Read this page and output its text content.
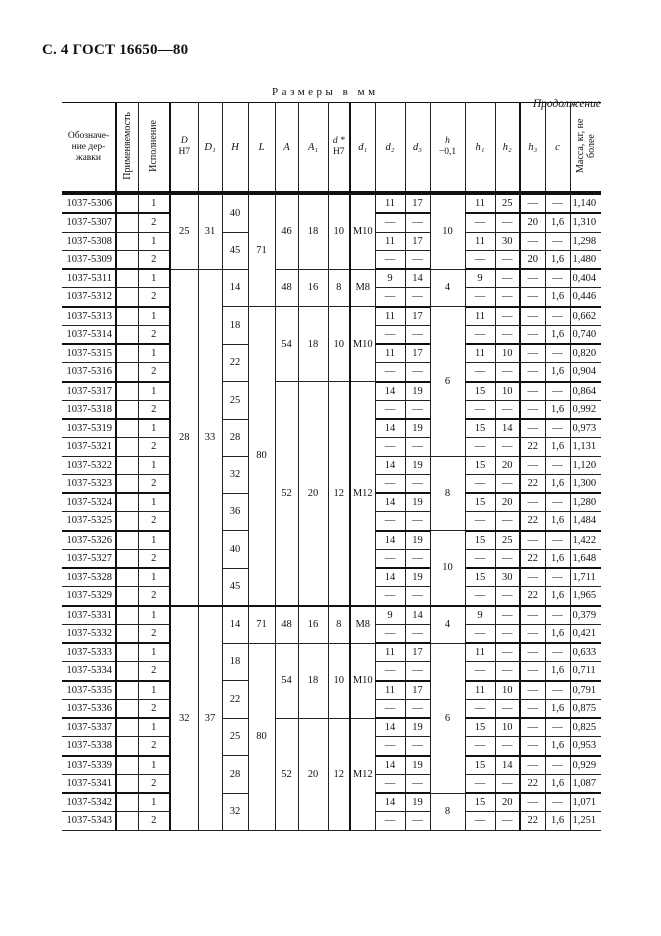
С. 4 ГОСТ 16650—80
Размеры в мм
Продолжение
Обозначе-ние дер-жавки	Применяемость	Исполнение	D
H7	D₁	H	L	A	A₁	
d *
H7	d₁	d₂	d₃	
h
−0,1	h₁	h₂	h₃	c	Масса, кг, не более
1037-5306		1	25	31	40	71	46	18	10	M10	11	17	10	11	25	—	—	1,140
1037-5307		2									—	—		—	—	20	1,6	1,310
1037-5308		1			45						11	17		11	30	—	—	1,298
1037-5309		2									—	—		—	—	20	1,6	1,480
1037-5311		1	28	33	14		48	16	8	M8	9	14	4	9	—	—	—	0,404
1037-5312		2									—	—		—	—	—	1,6	0,446
1037-5313		1			18	80	54	18	10	M10	11	17	6	11	—	—	—	0,662
1037-5314		2									—	—		—	—	—	1,6	0,740
1037-5315		1			22						11	17		11	10	—	—	0,820
1037-5316		2									—	—		—	—	—	1,6	0,904
1037-5317		1			25		52	20	12	M12	14	19		15	10	—	—	0,864
1037-5318		2									—	—		—	—	—	1,6	0,992
1037-5319		1			28						14	19		15	14	—	—	0,973
1037-5321		2									—	—		—	—	22	1,6	1,131
1037-5322		1			32						14	19	8	15	20	—	—	1,120
1037-5323		2									—	—		—	—	22	1,6	1,300
1037-5324		1			36						14	19		15	20	—	—	1,280
1037-5325		2									—	—		—	—	22	1,6	1,484
1037-5326		1			40						14	19	10	15	25	—	—	1,422
1037-5327		2									—	—		—	—	22	1,6	1,648
1037-5328		1			45						14	19		15	30	—	—	1,711
1037-5329		2									—	—		—	—	22	1,6	1,965
1037-5331		1	32	37	14	71	48	16	8	M8	9	14	4	9	—	—	—	0,379
1037-5332		2									—	—		—	—	—	1,6	0,421
1037-5333		1			18	80	54	18	10	M10	11	17	6	11	—	—	—	0,633
1037-5334		2									—	—		—	—	—	1,6	0,711
1037-5335		1			22						11	17		11	10	—	—	0,791
1037-5336		2									—	—		—	—	—	1,6	0,875
1037-5337		1			25		52	20	12	M12	14	19		15	10	—	—	0,825
1037-5338		2									—	—		—	—	—	1,6	0,953
1037-5339		1			28						14	19		15	14	—	—	0,929
1037-5341		2									—	—		—	—	22	1,6	1,087
1037-5342		1			32						14	19	8	15	20	—	—	1,071
1037-5343		2									—	—		—	—	22	1,6	1,251
